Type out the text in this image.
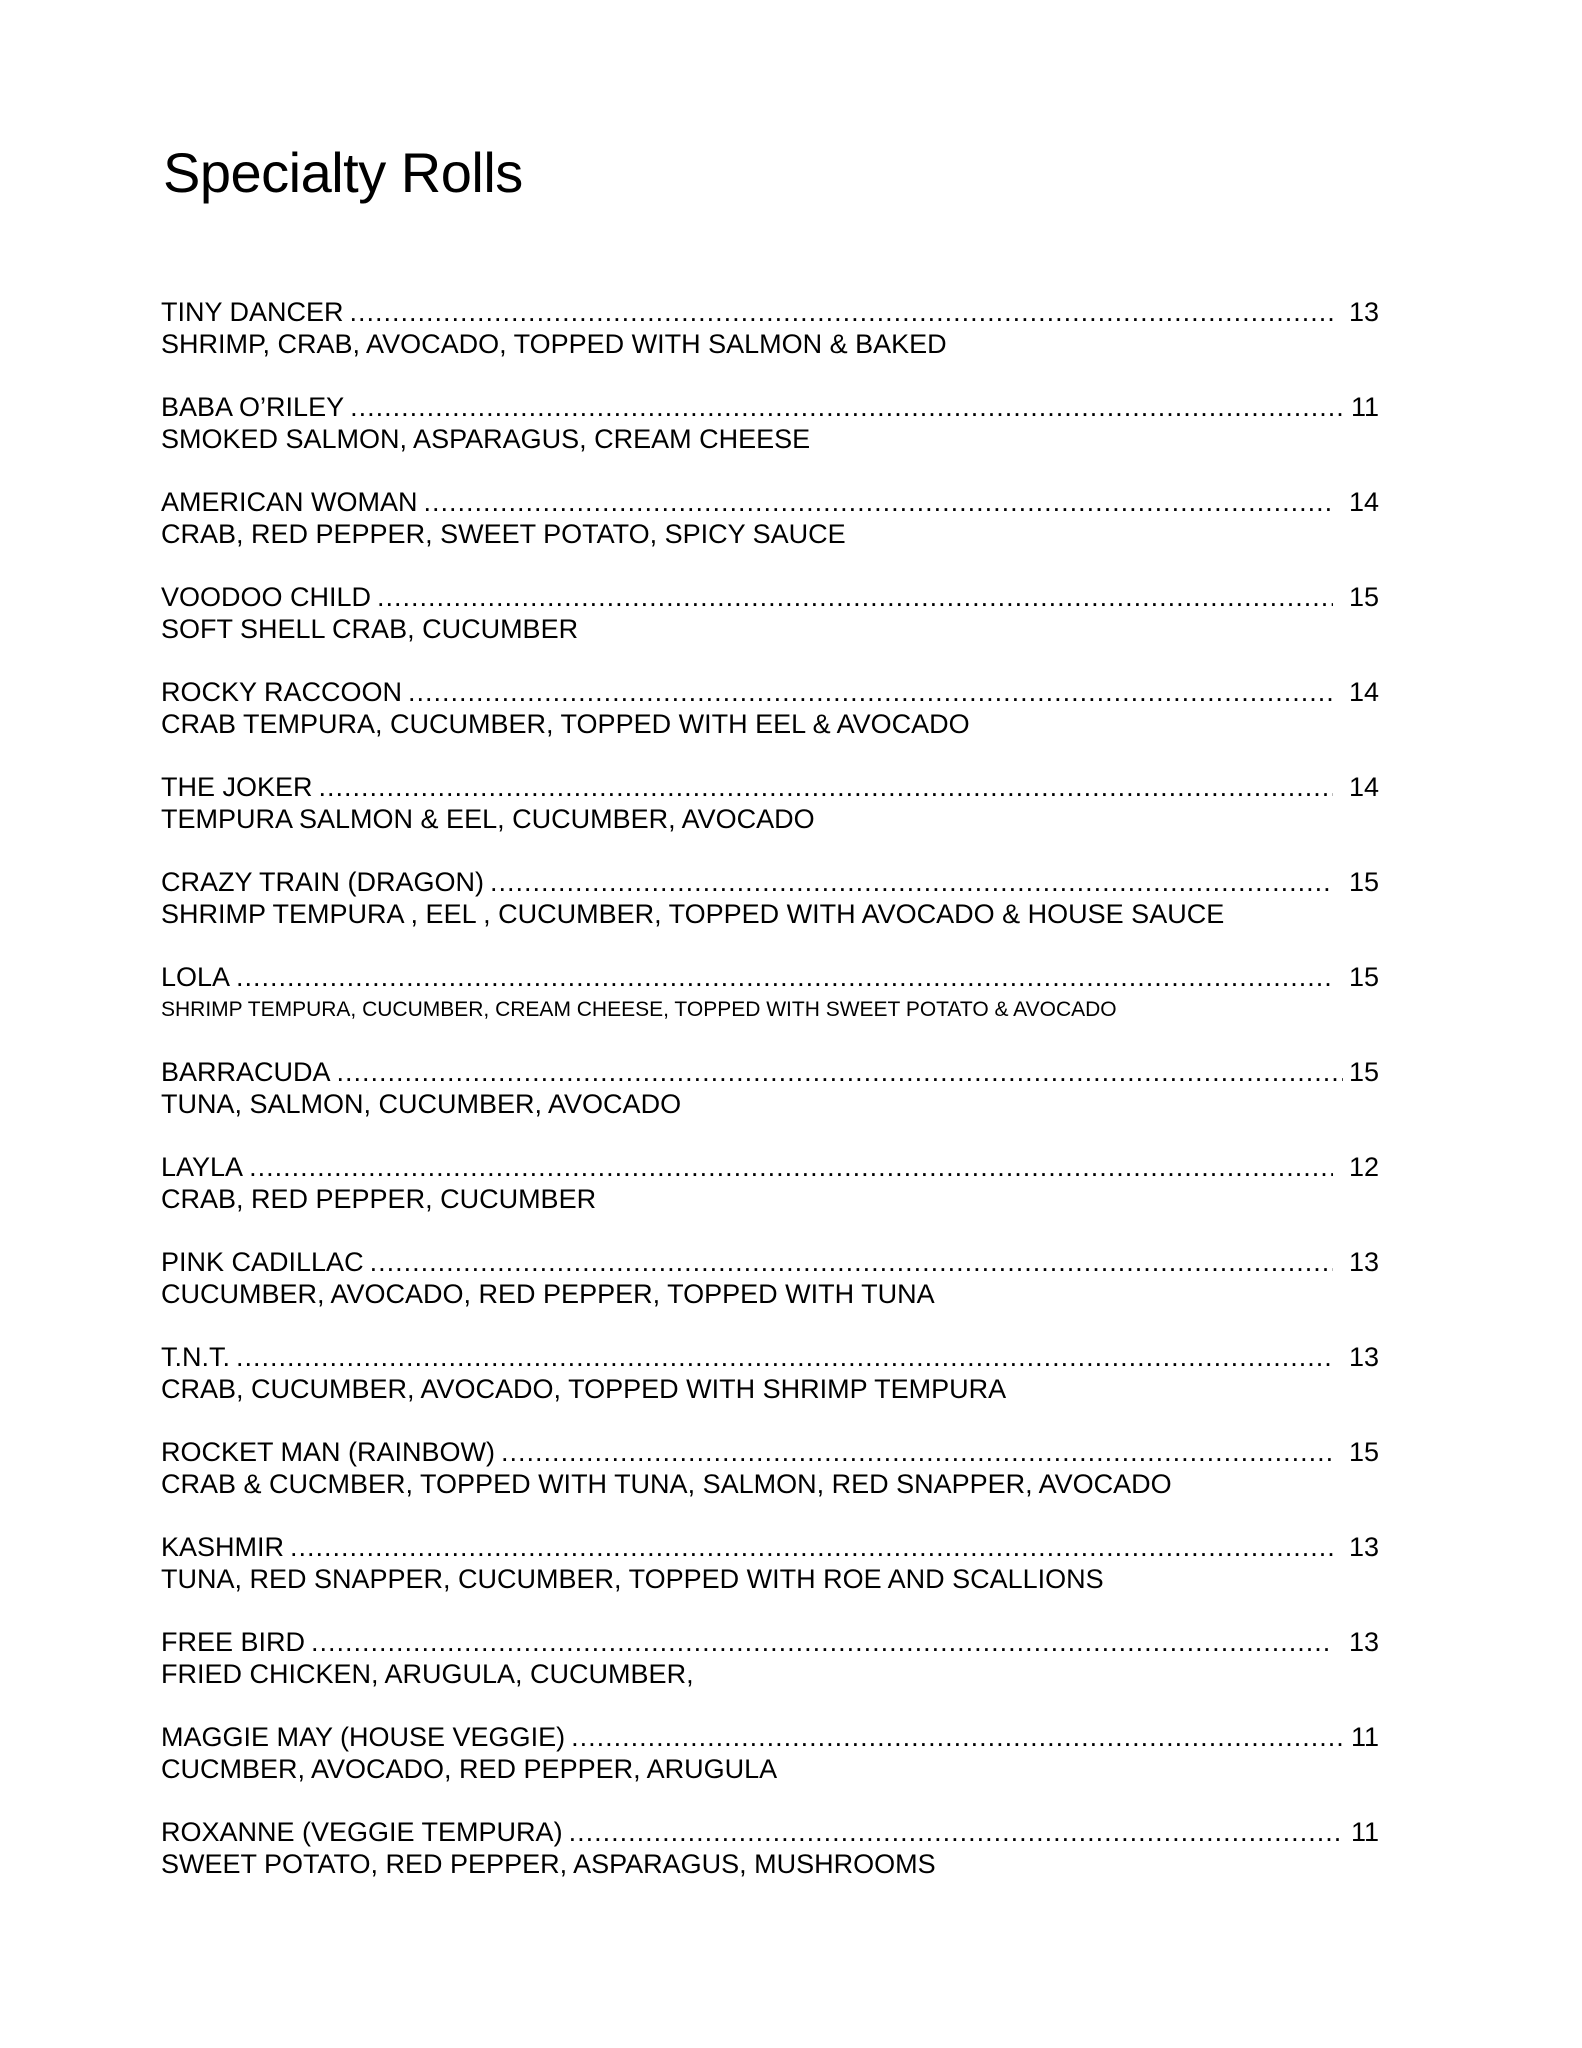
Specialty Rolls
TINY DANCER .....	13
SHRIMP, CRAB, AVOCADO, TOPPED WITH SALMON & BAKED
BABA O’RILEY .....	11
SMOKED SALMON, ASPARAGUS, CREAM CHEESE
AMERICAN WOMAN .....	14
CRAB, RED PEPPER, SWEET POTATO, SPICY SAUCE
VOODOO CHILD .....	15
SOFT SHELL CRAB, CUCUMBER
ROCKY RACCOON .....	14
CRAB TEMPURA, CUCUMBER, TOPPED WITH EEL & AVOCADO
THE JOKER .....	14
TEMPURA SALMON & EEL, CUCUMBER, AVOCADO
CRAZY TRAIN (DRAGON) .....	15
SHRIMP TEMPURA , EEL , CUCUMBER, TOPPED WITH AVOCADO & HOUSE SAUCE
LOLA .....	15
SHRIMP TEMPURA, CUCUMBER, CREAM CHEESE, TOPPED WITH SWEET POTATO & AVOCADO
BARRACUDA .....	15
TUNA, SALMON, CUCUMBER, AVOCADO
LAYLA .....	12
CRAB, RED PEPPER, CUCUMBER
PINK CADILLAC .....	13
CUCUMBER, AVOCADO, RED PEPPER, TOPPED WITH TUNA
T.N.T. .....	13
CRAB, CUCUMBER, AVOCADO, TOPPED WITH SHRIMP TEMPURA
ROCKET MAN (RAINBOW) .....	15
CRAB & CUCMBER, TOPPED WITH TUNA, SALMON, RED SNAPPER, AVOCADO
KASHMIR .....	13
TUNA, RED SNAPPER, CUCUMBER, TOPPED WITH ROE AND SCALLIONS
FREE BIRD .....	13
FRIED CHICKEN, ARUGULA, CUCUMBER,
MAGGIE MAY (HOUSE VEGGIE) .....	11
CUCMBER, AVOCADO, RED PEPPER, ARUGULA
ROXANNE (VEGGIE TEMPURA) .....	11
SWEET POTATO, RED PEPPER, ASPARAGUS, MUSHROOMS
